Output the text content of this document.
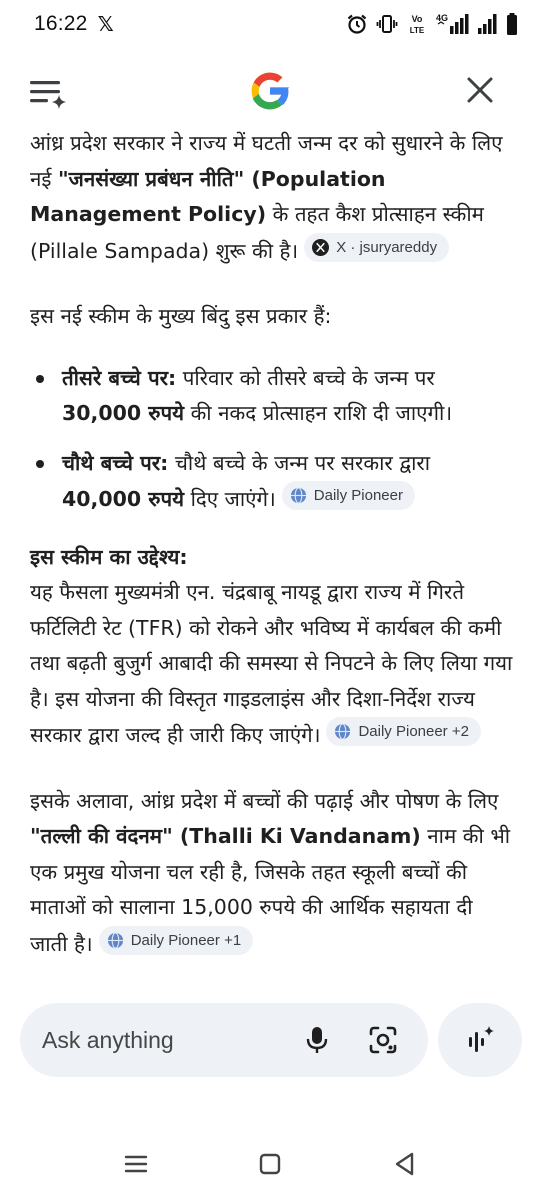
16:22 𝕏	Vo
LTE
4G

आंध्र प्रदेश सरकार ने राज्य में घटती जन्म दर को सुधारने के लिए नई "जनसंख्या प्रबंधन नीति" (Population Management Policy) के तहत कैश प्रोत्साहन स्कीम (Pillale Sampada) शुरू की है।	X · jsuryareddy

इस नई स्कीम के मुख्य बिंदु इस प्रकार हैं:

तीसरे बच्चे पर: परिवार को तीसरे बच्चे के जन्म पर 30,000 रुपये की नकद प्रोत्साहन राशि दी जाएगी।
चौथे बच्चे पर: चौथे बच्चे के जन्म पर सरकार द्वारा 40,000 रुपये दिए जाएंगे।	Daily Pioneer

इस स्कीम का उद्देश्य:
यह फैसला मुख्यमंत्री एन. चंद्रबाबू नायडू द्वारा राज्य में गिरते फर्टिलिटी रेट (TFR) को रोकने और भविष्य में कार्यबल की कमी तथा बढ़ती बुजुर्ग आबादी की समस्या से निपटने के लिए लिया गया है। इस योजना की विस्तृत गाइडलाइंस और दिशा-निर्देश राज्य सरकार द्वारा जल्द ही जारी किए जाएंगे।	Daily Pioneer +2

इसके अलावा, आंध्र प्रदेश में बच्चों की पढ़ाई और पोषण के लिए "तल्ली की वंदनम" (Thalli Ki Vandanam) नाम की भी एक प्रमुख योजना चल रही है, जिसके तहत स्कूली बच्चों की माताओं को सालाना 15,000 रुपये की आर्थिक सहायता दी जाती है।	Daily Pioneer +1

Ask anything
